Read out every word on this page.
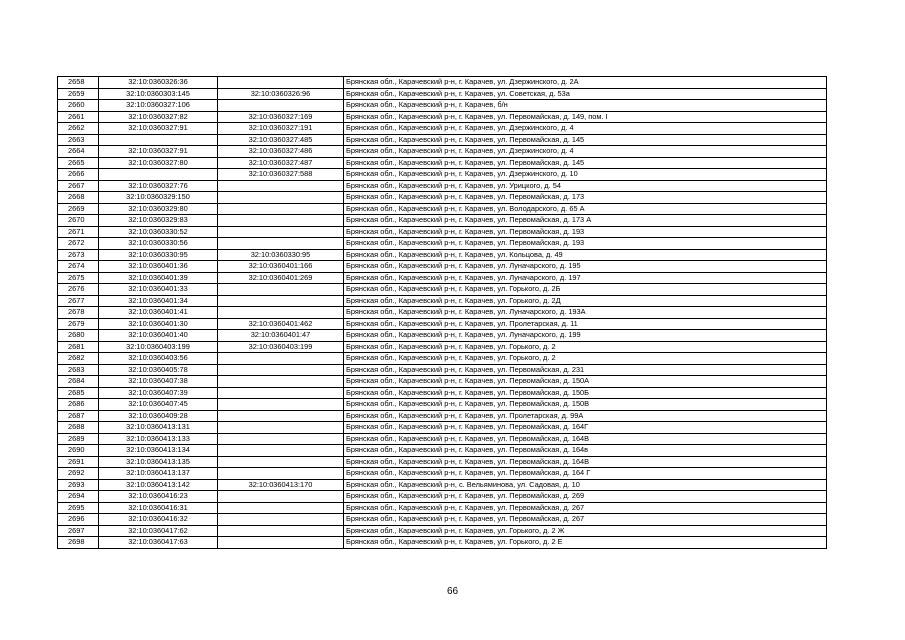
2658	32:10:0360326:36		Брянская обл., Карачевский р-н, г. Карачев, ул. Дзержинского, д. 2А
2659	32:10:0360303:145	32:10:0360326:96	Брянская обл., Карачевский р-н, г. Карачев, ул. Советская, д. 53а
2660	32:10:0360327:106		Брянская обл., Карачевский р-н, г. Карачев, б/н
2661	32:10:0360327:82	32:10:0360327:169	Брянская обл., Карачевский р-н, г. Карачев, ул. Первомайская, д. 149, пом. I
2662	32:10:0360327:91	32:10:0360327:191	Брянская обл., Карачевский р-н, г. Карачев, ул. Дзержинского, д. 4
2663		32:10:0360327:485	Брянская обл., Карачевский р-н, г. Карачев, ул. Первомайская, д. 145
2664	32:10:0360327:91	32:10:0360327:486	Брянская обл., Карачевский р-н, г. Карачев, ул. Дзержинского, д. 4
2665	32:10:0360327:80	32:10:0360327:487	Брянская обл., Карачевский р-н, г. Карачев, ул. Первомайская, д. 145
2666		32:10:0360327:588	Брянская обл., Карачевский р-н, г. Карачев, ул. Дзержинского, д. 10
2667	32:10:0360327:76		Брянская обл., Карачевский р-н, г. Карачев, ул. Урицкого, д. 54
2668	32:10:0360329:150		Брянская обл., Карачевский р-н, г. Карачев, ул. Первомайская, д. 173
2669	32:10:0360329:80		Брянская обл., Карачевский р-н, г. Карачев, ул. Володарского, д. 65 А
2670	32:10:0360329:83		Брянская обл., Карачевский р-н, г. Карачев, ул. Первомайская, д. 173 А
2671	32:10:0360330:52		Брянская обл., Карачевский р-н, г. Карачев, ул. Первомайская, д. 193
2672	32:10:0360330:56		Брянская обл., Карачевский р-н, г. Карачев, ул. Первомайская, д. 193
2673	32:10:0360330:95	32:10:0360330:95	Брянская обл., Карачевский р-н, г. Карачев, ул. Кольцова, д. 49
2674	32:10:0360401:36	32:10:0360401:166	Брянская обл., Карачевский р-н, г. Карачев, ул. Луначарского, д. 195
2675	32:10:0360401:39	32:10:0360401:269	Брянская обл., Карачевский р-н, г. Карачев, ул. Луначарского, д. 197
2676	32:10:0360401:33		Брянская обл., Карачевский р-н, г. Карачев, ул. Горького, д. 2Б
2677	32:10:0360401:34		Брянская обл., Карачевский р-н, г. Карачев, ул. Горького, д. 2Д
2678	32:10:0360401:41		Брянская обл., Карачевский р-н, г. Карачев, ул. Луначарского, д. 193А
2679	32:10:0360401:30	32:10:0360401:462	Брянская обл., Карачевский р-н, г. Карачев, ул. Пролетарская, д. 11
2680	32:10:0360401:40	32:10:0360401:47	Брянская обл., Карачевский р-н, г. Карачев, ул. Луначарского, д. 199
2681	32:10:0360403:199	32:10:0360403:199	Брянская обл., Карачевский р-н, г. Карачев, ул. Горького, д. 2
2682	32:10:0360403:56		Брянская обл., Карачевский р-н, г. Карачев, ул. Горького, д. 2
2683	32:10:0360405:78		Брянская обл., Карачевский р-н, г. Карачев, ул. Первомайская, д. 231
2684	32:10:0360407:38		Брянская обл., Карачевский р-н, г. Карачев, ул. Первомайская, д. 150А
2685	32:10:0360407:39		Брянская обл., Карачевский р-н, г. Карачев, ул. Первомайская, д. 150Б
2686	32:10:0360407:45		Брянская обл., Карачевский р-н, г. Карачев, ул. Первомайская, д. 150В
2687	32:10:0360409:28		Брянская обл., Карачевский р-н, г. Карачев, ул. Пролетарская, д. 99А
2688	32:10:0360413:131		Брянская обл., Карачевский р-н, г. Карачев, ул. Первомайская, д. 164Г
2689	32:10:0360413:133		Брянская обл., Карачевский р-н, г. Карачев, ул. Первомайская, д. 164В
2690	32:10:0360413:134		Брянская обл., Карачевский р-н, г. Карачев, ул. Первомайская, д. 164в
2691	32:10:0360413:135		Брянская обл., Карачевский р-н, г. Карачев, ул. Первомайская, д. 164В
2692	32:10:0360413:137		Брянская обл., Карачевский р-н, г. Карачев, ул. Первомайская, д. 164 Г
2693	32:10:0360413:142	32:10:0360413:170	Брянская обл., Карачевский р-н, с. Вельяминова, ул. Садовая, д. 10
2694	32:10:0360416:23		Брянская обл., Карачевский р-н, г. Карачев, ул. Первомайская, д. 269
2695	32:10:0360416:31		Брянская обл., Карачевский р-н, г. Карачев, ул. Первомайская, д. 267
2696	32:10:0360416:32		Брянская обл., Карачевский р-н, г. Карачев, ул. Первомайская, д. 267
2697	32:10:0360417:62		Брянская обл., Карачевский р-н, г. Карачев, ул. Горького, д. 2 Ж
2698	32:10:0360417:63		Брянская обл., Карачевский р-н, г. Карачев, ул. Горького, д. 2 Е
66
